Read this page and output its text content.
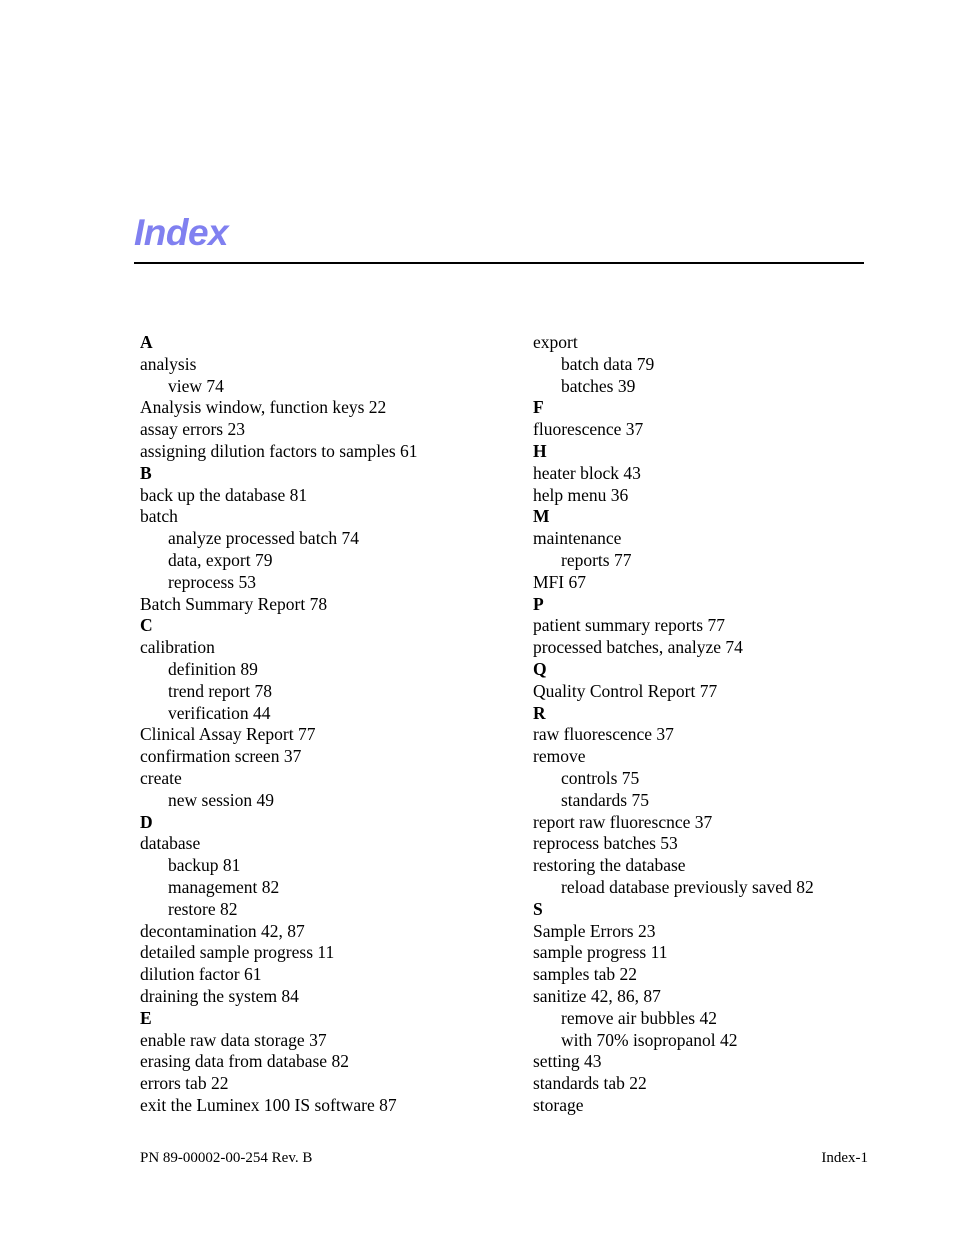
Index
A
analysis
view 74
Analysis window, function keys 22
assay errors 23
assigning dilution factors to samples 61
B
back up the database 81
batch
analyze processed batch 74
data, export 79
reprocess 53
Batch Summary Report 78
C
calibration
definition 89
trend report 78
verification 44
Clinical Assay Report 77
confirmation screen 37
create
new session 49
D
database
backup 81
management 82
restore 82
decontamination 42, 87
detailed sample progress 11
dilution factor 61
draining the system 84
E
enable raw data storage 37
erasing data from database 82
errors tab 22
exit the Luminex 100 IS software 87
export
batch data 79
batches 39
F
fluorescence 37
H
heater block 43
help menu 36
M
maintenance
reports 77
MFI 67
P
patient summary reports 77
processed batches, analyze 74
Q
Quality Control Report 77
R
raw fluorescence 37
remove
controls 75
standards 75
report raw fluorescnce 37
reprocess batches 53
restoring the database
reload database previously saved 82
S
Sample Errors 23
sample progress 11
samples tab 22
sanitize 42, 86, 87
remove air bubbles 42
with 70% isopropanol 42
setting 43
standards tab 22
storage
PN 89-00002-00-254 Rev. B	Index-1
